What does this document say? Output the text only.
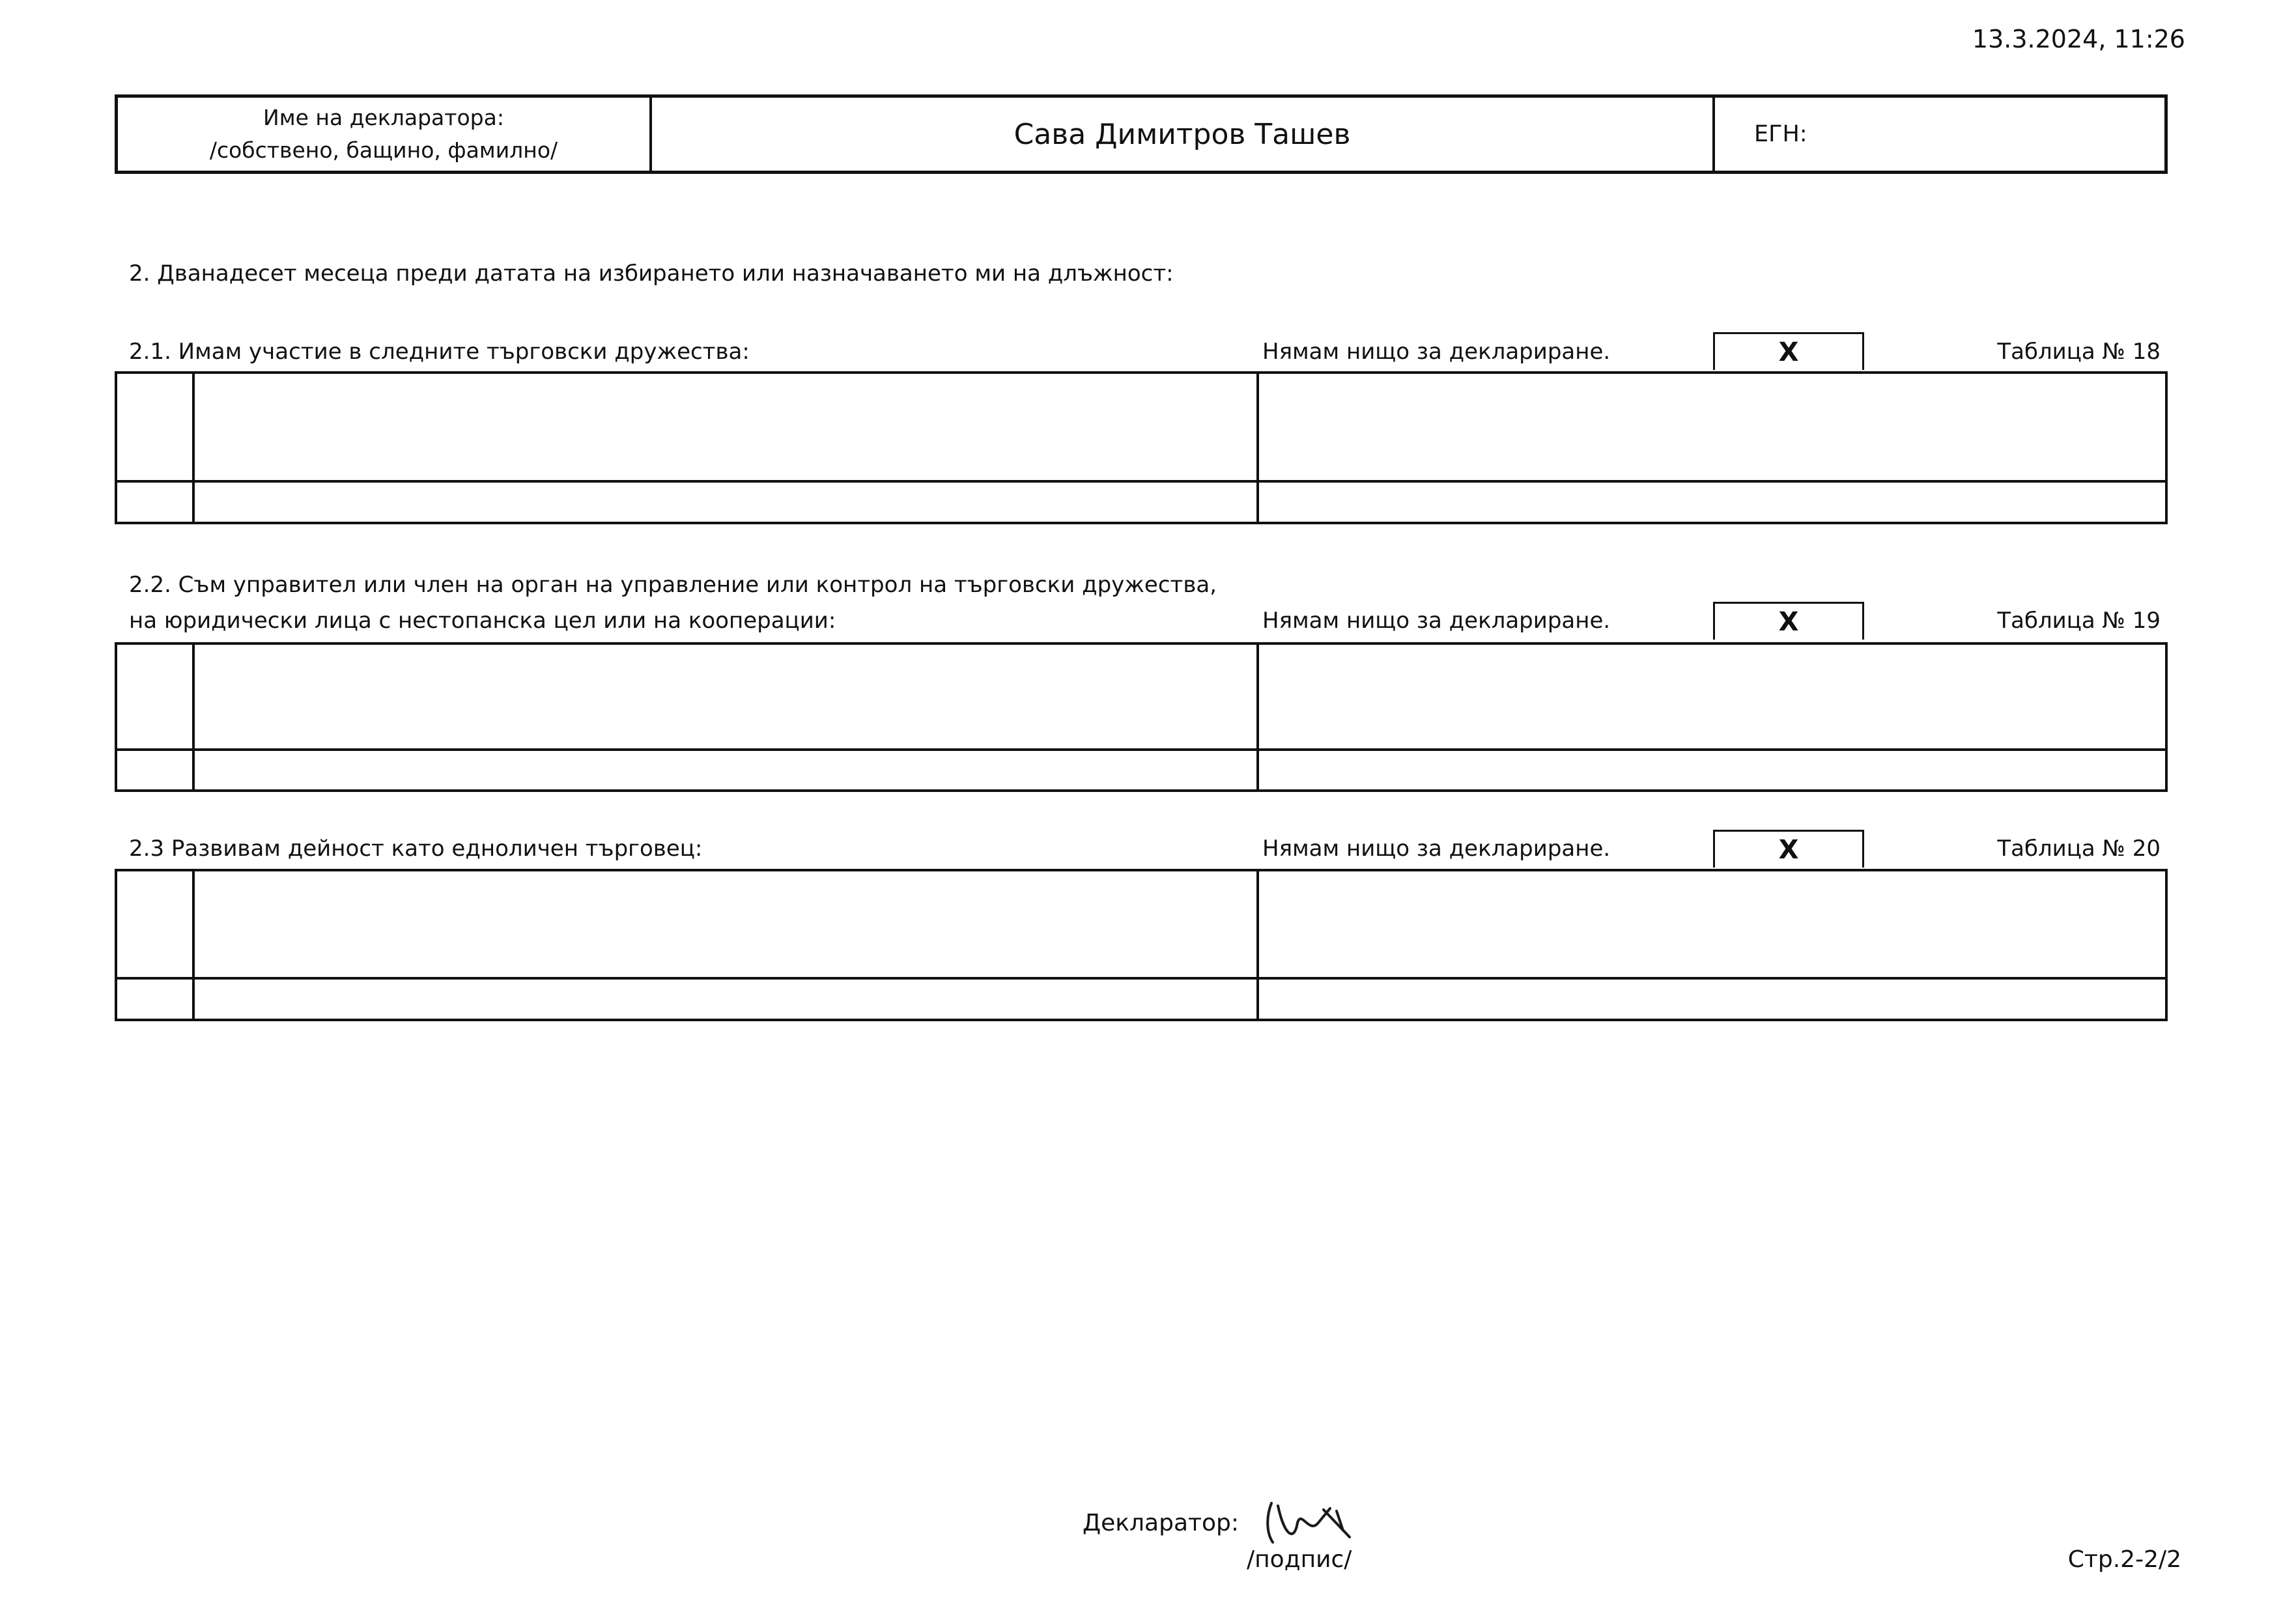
13.3.2024, 11:26
Име на декларатора:
/собствено, бащино, фамилно/	Сава Димитров Ташев	ЕГН:
2. Дванадесет месеца преди датата на избирането или назначаването ми на длъжност:
2.1. Имам участие в следните търговски дружества:	Нямам нищо за деклариране.	X	Таблица № 18

2.2. Съм управител или член на орган на управление или контрол на търговски дружества,
на юридически лица с нестопанска цел или на кооперации:	Нямам нищо за деклариране.	X	Таблица № 19

2.3 Развивам дейност като едноличен търговец:	Нямам нищо за деклариране.	X	Таблица № 20

Декларатор:
/подпис/	Стр.2-2/2
